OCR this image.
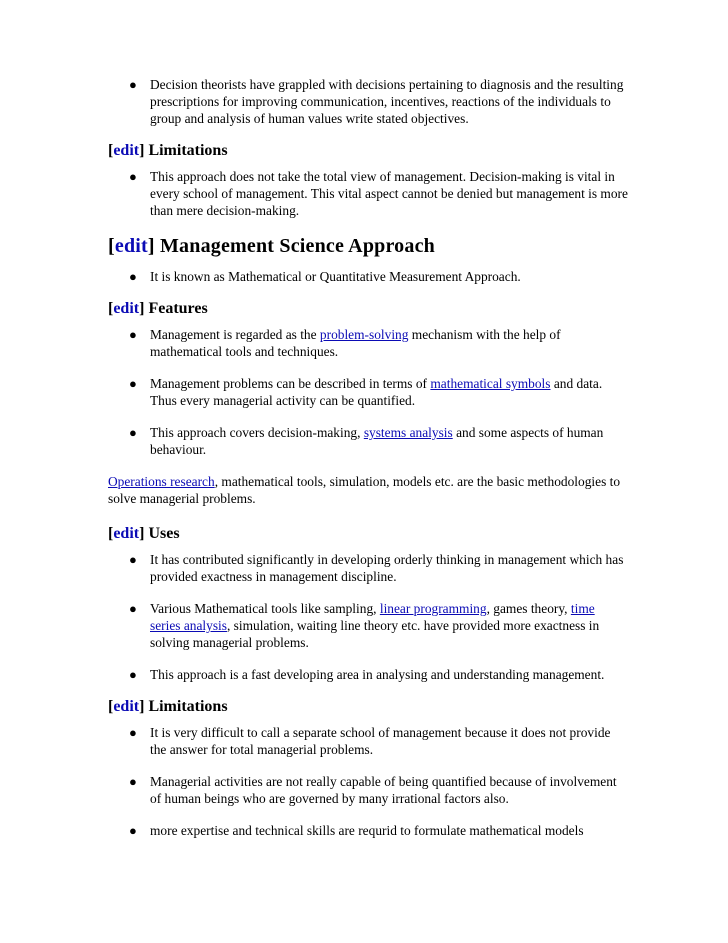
● Decision theorists have grappled with decisions pertaining to diagnosis and the resulting prescriptions for improving communication, incentives, reactions of the individuals to group and analysis of human values write stated objectives.
[edit] Limitations
● This approach does not take the total view of management. Decision-making is vital in every school of management. This vital aspect cannot be denied but management is more than mere decision-making.
[edit] Management Science Approach
● It is known as Mathematical or Quantitative Measurement Approach.
[edit] Features
● Management is regarded as the problem-solving mechanism with the help of mathematical tools and techniques.
● Management problems can be described in terms of mathematical symbols and data. Thus every managerial activity can be quantified.
● This approach covers decision-making, systems analysis and some aspects of human behaviour.

Operations research, mathematical tools, simulation, models etc. are the basic methodologies to solve managerial problems.

[edit] Uses
● It has contributed significantly in developing orderly thinking in management which has provided exactness in management discipline.
● Various Mathematical tools like sampling, linear programming, games theory, time series analysis, simulation, waiting line theory etc. have provided more exactness in solving managerial problems.
● This approach is a fast developing area in analysing and understanding management.
[edit] Limitations
● It is very difficult to call a separate school of management because it does not provide the answer for total managerial problems.
● Managerial activities are not really capable of being quantified because of involvement of human beings who are governed by many irrational factors also.
● more expertise and technical skills are requrid to formulate mathematical models
